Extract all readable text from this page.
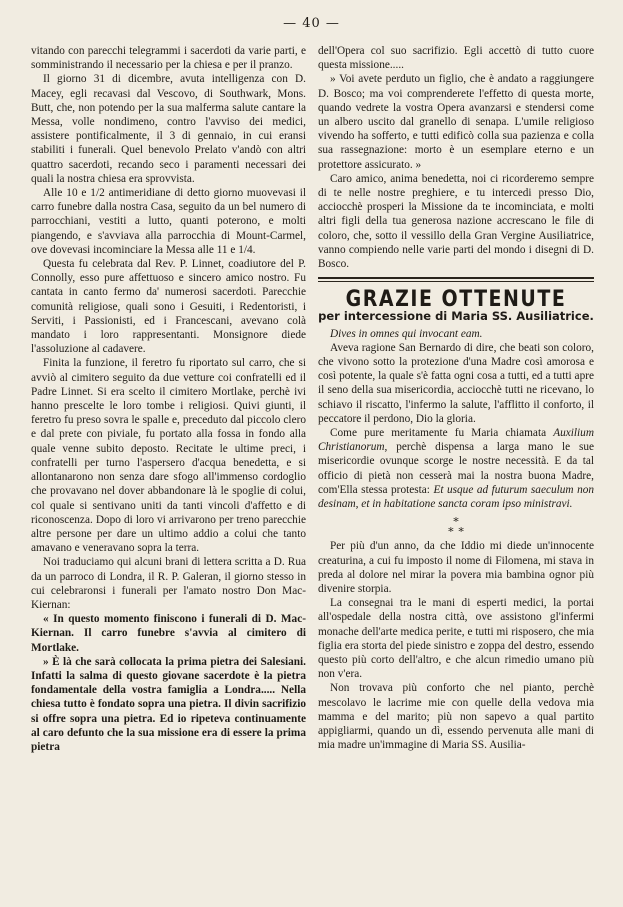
— 40 —

vitando con parecchi telegrammi i sacerdoti da varie parti, e somministrando il necessario per la chiesa e per il pranzo.

Il giorno 31 di dicembre, avuta intelligenza con D. Macey, egli recavasi dal Vescovo, di Southwark, Mons. Butt, che, non potendo per la sua malferma salute cantare la Messa, volle nondimeno, contro l'avviso dei medici, assistere pontificalmente, il 3 di gennaio, in cui eransi stabiliti i funerali. Quel benevolo Prelato v'andò con altri quattro sacerdoti, recando seco i paramenti necessari dei quali la nostra chiesa era sprovvista.

Alle 10 e 1/2 antimeridiane di detto giorno muovevasi il carro funebre dalla nostra Casa, seguito da un bel numero di parrocchiani, vestiti a lutto, quanti poterono, e molti piangendo, e s'avviava alla parrocchia di Mount-Carmel, ove dovevasi incominciare la Messa alle 11 e 1/4.

Questa fu celebrata dal Rev. P. Linnet, coadiutore del P. Connolly, esso pure affettuoso e sincero amico nostro. Fu cantata in canto fermo da' numerosi sacerdoti. Parecchie comunità religiose, quali sono i Gesuiti, i Redentoristi, i Serviti, i Passionisti, ed i Francescani, avevano colà mandato i loro rappresentanti. Monsignore diede l'assoluzione al cadavere.

Finita la funzione, il feretro fu riportato sul carro, che si avviò al cimitero seguito da due vetture coi confratelli ed il Padre Linnet. Si era scelto il cimitero Mortlake, perchè ivi hanno prescelte le loro tombe i religiosi. Quivi giunti, il feretro fu preso sovra le spalle e, preceduto dal piccolo clero e dal prete con piviale, fu portato alla fossa in fondo alla quale venne subito deposto. Recitate le ultime preci, i confratelli per turno l'aspersero d'acqua benedetta, e si allontanarono non senza dare sfogo all'immenso cordoglio che provavano nel dover abbandonare là le spoglie di colui, col quale si sentivano uniti da tanti vincoli d'affetto e di riconoscenza. Dopo di loro vi arrivarono per treno parecchie altre persone per dare un ultimo addio a colui che tanto amavano e veneravano sopra la terra.

Noi traduciamo qui alcuni brani di lettera scritta a D. Rua da un parroco di Londra, il R. P. Galeran, il giorno stesso in cui celebraronsi i funerali per l'amato nostro Don Mac-Kiernan:

« In questo momento finiscono i funerali di D. Mac-Kiernan. Il carro funebre s'avvia al cimitero di Mortlake.

» È là che sarà collocata la prima pietra dei Salesiani. Infatti la salma di questo giovane sacerdote è la pietra fondamentale della vostra famiglia a Londra..... Nella chiesa tutto è fondato sopra una pietra. Il divin sacrifizio si offre sopra una pietra. Ed io ripeteva continuamente al caro defunto che la sua missione era di essere la prima pietra

dell'Opera col suo sacrifizio. Egli accettò di tutto cuore questa missione.....

» Voi avete perduto un figlio, che è andato a raggiungere D. Bosco; ma voi comprenderete l'effetto di questa morte, quando vedrete la vostra Opera avanzarsi e stendersi come un albero uscito dal granello di senapa. L'umile religioso vivendo ha sofferto, e tutti edificò colla sua pazienza e colla sua rassegnazione: morto è un esemplare eterno e un protettore assicurato. »

Caro amico, anima benedetta, noi ci ricorderemo sempre di te nelle nostre preghiere, e tu intercedi presso Dio, acciocchè prosperi la Missione da te incominciata, e molti altri figli della tua generosa nazione accrescano le file di coloro, che, sotto il vessillo della Gran Vergine Ausiliatrice, vanno compiendo nelle varie parti del mondo i disegni di D. Bosco.

GRAZIE OTTENUTE
per intercessione di Maria SS. Ausiliatrice.

Dives in omnes qui invocant eam.

Aveva ragione San Bernardo di dire, che beati son coloro, che vivono sotto la protezione d'una Madre così amorosa e così potente, la quale s'è fatta ogni cosa a tutti, ed a tutti apre il seno della sua misericordia, acciocchè tutti ne ricevano, lo schiavo il riscatto, l'infermo la salute, l'afflitto il conforto, il peccatore il perdono, Dio la gloria.

Come pure meritamente fu Maria chiamata Auxilium Christianorum, perchè dispensa a larga mano le sue misericordie ovunque scorge le nostre necessità. E da tal officio di pietà non cesserà mai la nostra buona Madre, com'Ella stessa protesta: Et usque ad futurum saeculum non desinam, et in habitatione sancta coram ipso ministravi.

∗
∗ ∗

Per più d'un anno, da che Iddio mi diede un'innocente creaturina, a cui fu imposto il nome di Filomena, mi stava in preda al dolore nel mirar la povera mia bambina ognor più divenire storpia.

La consegnai tra le mani di esperti medici, la portai all'ospedale della nostra città, ove assistono gl'infermi monache dell'arte medica perite, e tutti mi risposero, che mia figlia era storta del piede sinistro e zoppa del destro, essendo questo più corto dell'altro, e che alcun rimedio umano più non v'era.

Non trovava più conforto che nel pianto, perchè mescolavo le lacrime mie con quelle della vedova mia mamma e del marito; più non sapevo a qual partito appigliarmi, quando un dì, essendo pervenuta alle mani di mia madre un'immagine di Maria SS. Ausilia-
